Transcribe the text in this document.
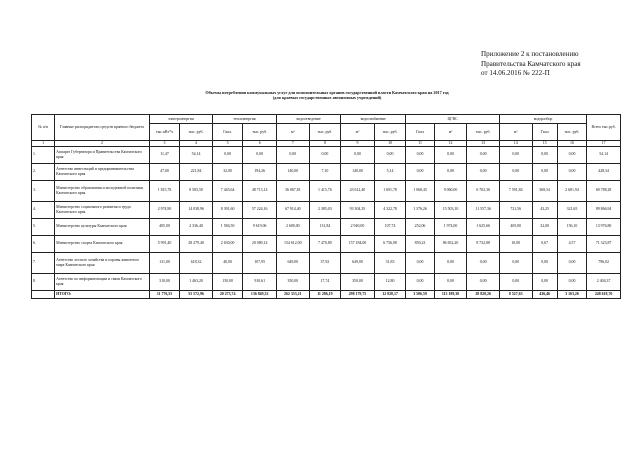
Приложение 2 к постановлению
Правительства Камчатского края
от 14.06.2016 № 222-П
Объемы потребления коммунальных услуг для исполнительных органов государственной власти Камчатского края на 2017 год
(для краевых государственных автономных учреждений)
№ п/п	Главные распорядители средств краевого бюджета	электроэнергия		теплоэнергия		водоотведение		водоснабжение		ЦГВС			водоразбор			Всего тыс.руб.
		тыс.кВт*ч	тыс. руб.	Гкал.	тыс. руб.	м³	тыс. руб.	м³	тыс. руб.	Гкал	м³	тыс. руб.	м³	Гкал	тыс. руб.	
1	2	3	4	5	6	7	8	9	10	11	12	13	14	15	16	17
1.	Аппарат Губернатора и Правительства Камчатского края	11,47	54,14	0,00	0,00	0,00	0,00	0,00	0,00	0,00	0,00	0,00	0,00	0,00	0,00	54,14
2.	Агентство инвестиций и предпринимательства Камчатского края	47,00	221,84	32,00	194,26	140,00	7,10	140,00	5,14	0,00	0,00	0,00	0,00	0,00	0,00	428,34
3.	Министерство образования и молодежной политики Камчатского края	1 815,78	8 583,50	7 445,64	48 713,14	36 067,81	1 415,76	43 612,40	1 691,78	1 068,45	9 060,00	6 702,36	7 591,84	368,54	2 681,94	69 788,28
4.	Министерство социального развития и труда Камчатского края	2 974,90	14 038,96	8 391,60	57 224,16	67 914,40	2 385,03	93 304,35	4 322,78	1 376,26	15 503,10	11 557,36	721,56	43,25	321,65	89 866,94
5.	Министерство культуры Камчатского края	405,00	2 336,40	1 584,50	9 619,06	2 600,00	131,84	2 940,00	107,74	252,06	1 974,00	1 625,66	405,00	32,00	156,10	13 976,80
6.	Министерство спорта Камчатского края	5 991,40	28 279,40	2 630,00	20 080,14	154 612,00	7 470,80	157 184,00	6 756,08	850,23	86 652,20	8 732,88	10,00	0,67	4,57	71 323,87
7.	Агентство лесного хозяйства и охраны животного мира Камчатского края	131,00	618,32	40,00	107,95	649,00	37,92	649,00	31,83	0,00	0,00	0,00	0,00	0,00	0,00	796,02
8.	Агентство по информатизации и связи Камчатского края	310,00	1 463,20	150,00	910,61	350,00	17,74	350,00	12,80	0,00	0,00	0,00	0,00	0,00	0,00	2 404,37
	ИТОГО:	11 776,55	55 572,96	20 273,74	136 849,32	262 333,21	11 286,19	298 179,75	12 928,17	3 506,59	113 189,30	28 820,26	8 527,63	436,46	3 163,26	248 618,76
